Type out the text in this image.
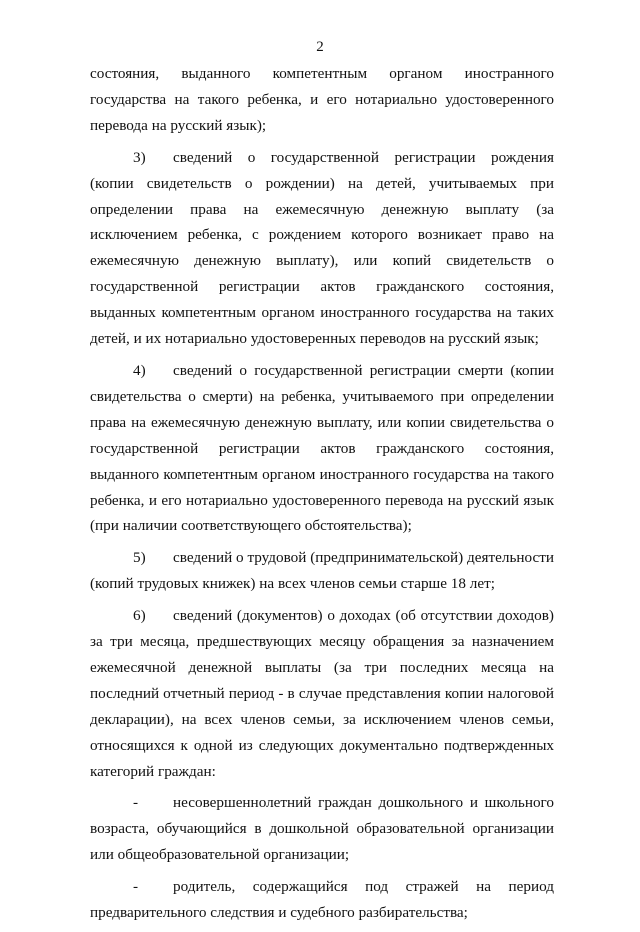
2

состояния, выданного компетентным органом иностранного государства на такого ребенка, и его нотариально удостоверенного перевода на русский язык);

3) сведений о государственной регистрации рождения (копии свидетельств о рождении) на детей, учитываемых при определении права на ежемесячную денежную выплату (за исключением ребенка, с рождением которого возникает право на ежемесячную денежную выплату), или копий свидетельств о государственной регистрации актов гражданского состояния, выданных компетентным органом иностранного государства на таких детей, и их нотариально удостоверенных переводов на русский язык;

4) сведений о государственной регистрации смерти (копии свидетельства о смерти) на ребенка, учитываемого при определении права на ежемесячную денежную выплату, или копии свидетельства о государственной регистрации актов гражданского состояния, выданного компетентным органом иностранного государства на такого ребенка, и его нотариально удостоверенного перевода на русский язык (при наличии соответствующего обстоятельства);

5) сведений о трудовой (предпринимательской) деятельности (копий трудовых книжек) на всех членов семьи старше 18 лет;

6) сведений (документов) о доходах (об отсутствии доходов) за три месяца, предшествующих месяцу обращения за назначением ежемесячной денежной выплаты (за три последних месяца на последний отчетный период - в случае представления копии налоговой декларации), на всех членов семьи, за исключением членов семьи, относящихся к одной из следующих документально подтвержденных категорий граждан:

- несовершеннолетний граждан дошкольного и школьного возраста, обучающийся в дошкольной образовательной организации или общеобразовательной организации;

- родитель, содержащийся под стражей на период предварительного следствия и судебного разбирательства;
